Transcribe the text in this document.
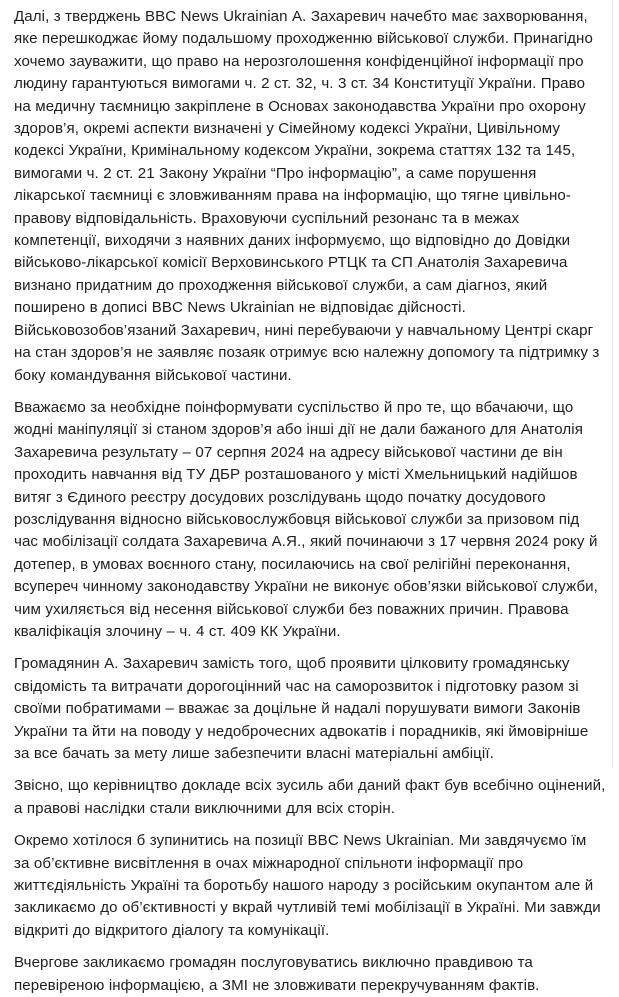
Далі, з тверджень BBC News Ukrainian А. Захаревич начебто має захворювання, яке перешкоджає йому подальшому проходженню військової служби. Принагідно хочемо зауважити, що право на нерозголошення конфіденційної інформації про людину гарантуються вимогами ч. 2 ст. 32, ч. 3 ст. 34 Конституції України. Право на медичну таємницю закріплене в Основах законодавства України про охорону здоров’я, окремі аспекти визначені у Сімейному кодексі України, Цивільному кодексі України, Кримінальному кодексом України, зокрема статтях 132 та 145, вимогами ч. 2 ст. 21 Закону України “Про інформацію”, а саме порушення лікарської таємниці є зловживанням права на інформацію, що тягне цивільно-правову відповідальність. Враховуючи суспільний резонанс та в межах компетенції, виходячи з наявних даних інформуємо, що відповідно до Довідки військово-лікарської комісії Верховинського РТЦК та СП Анатолія Захаревича визнано придатним до проходження військової служби, а сам діагноз, який поширено в дописі BBC News Ukrainian не відповідає дійсності. Військовозобов’язаний Захаревич, нині перебуваючи у навчальному Центрі скарг на стан здоров’я не заявляє позаяк отримує всю належну допомогу та підтримку з боку командування військової частини.

Вважаємо за необхідне поінформувати суспільство й про те, що вбачаючи, що жодні маніпуляції зі станом здоров’я або інші дії не дали бажаного для Анатолія Захаревича результату – 07 серпня 2024 на адресу військової частини де він проходить навчання від ТУ ДБР розташованого у місті Хмельницький надійшов витяг з Єдиного реєстру досудових розслідувань щодо початку досудового розслідування відносно військовослужбовця військової служби за призовом під час мобілізації солдата Захаревича А.Я., який починаючи з 17 червня 2024 року й дотепер, в умовах воєнного стану, посилаючись на свої релігійні переконання, всупереч чинному законодавству України не виконує обов’язки військової служби, чим ухиляється від несення військової служби без поважних причин. Правова кваліфікація злочину – ч. 4 ст. 409 КК України.

Громадянин А. Захаревич замість того, щоб проявити цілковиту громадянську свідомість та витрачати дорогоцінний час на саморозвиток і підготовку разом зі своїми побратимами – вважає за доцільне й надалі порушувати вимоги Законів України та йти на поводу у недоброчесних адвокатів і порадників, які ймовірніше за все бачать за мету лише забезпечити власні матеріальні амбіції.

Звісно, що керівництво докладе всіх зусиль аби даний факт був всебічно оцінений, а правові наслідки стали виключними для всіх сторін.

Окремо хотілося б зупинитись на позиції BBC News Ukrainian. Ми завдячуємо їм за об’єктивне висвітлення в очах міжнародної спільноти інформації про життєдіяльність Україні та боротьбу нашого народу з російським окупантом але й закликаємо до об’єктивності у вкрай чутливій темі мобілізації в Україні. Ми завжди відкриті до відкритого діалогу та комунікації.

Вчергове закликаємо громадян послуговуватись виключно правдивою та перевіреною інформацією, а ЗМІ не зловживати перекручуванням фактів.
